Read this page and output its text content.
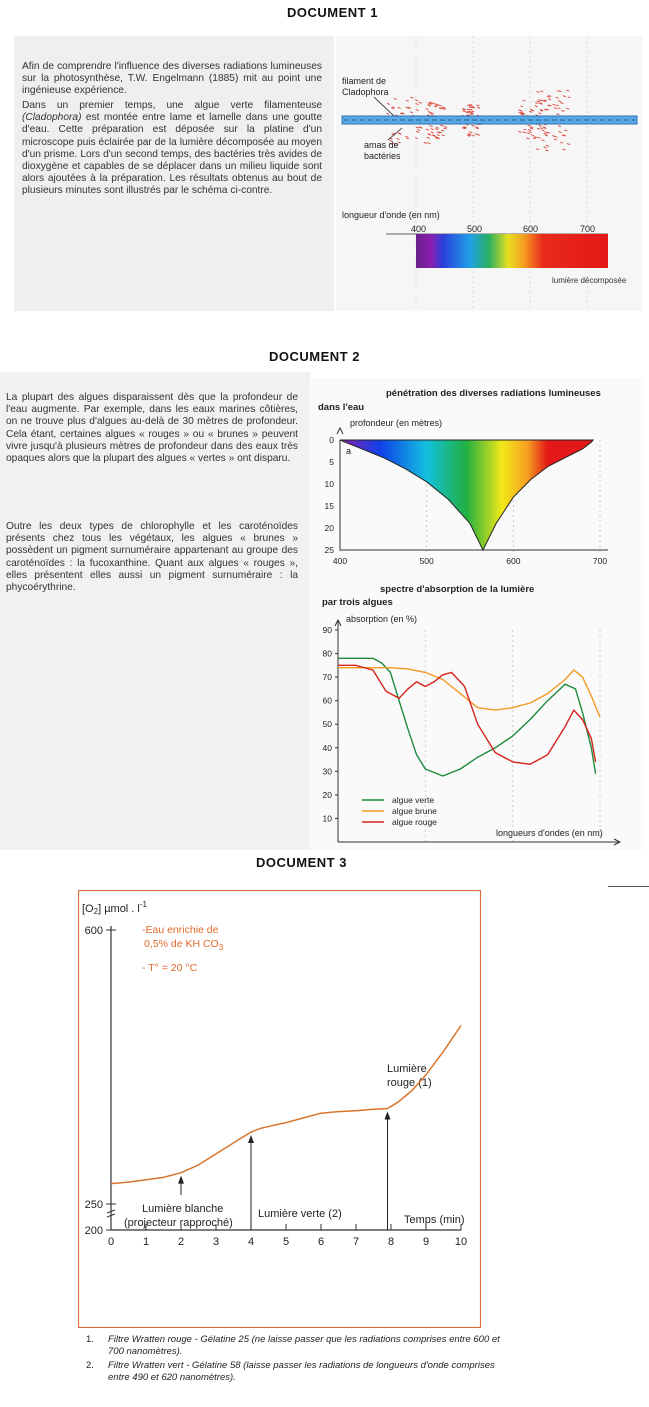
DOCUMENT 1
Afin de comprendre l'influence des diverses radiations lumineuses sur la photosynthèse, T.W. Engelmann (1885) mit au point une ingénieuse expérience.
Dans un premier temps, une algue verte filamenteuse (Cladophora) est montée entre lame et lamelle dans une goutte d'eau. Cette préparation est déposée sur la platine d'un microscope puis éclairée par de la lumière décomposée au moyen d'un prisme. Lors d'un second temps, des bactéries très avides de dioxygène et capables de se déplacer dans un milieu liquide sont alors ajoutées à la préparation. Les résultats obtenus au bout de plusieurs minutes sont illustrés par le schéma ci-contre.
filament de
Cladophora
amas de
bactéries
longueur d'onde (en nm)
400	500	600	700
lumière décomposée
DOCUMENT 2
La plupart des algues disparaissent dès que la profondeur de l'eau augmente. Par exemple, dans les eaux marines côtières, on ne trouve plus d'algues au-delà de 30 mètres de profondeur. Cela étant, certaines algues « rouges » ou « brunes » peuvent vivre jusqu'à plusieurs mètres de profondeur dans des eaux très opaques alors que la plupart des algues « vertes » ont disparu.
Outre les deux types de chlorophylle et les caroténoïdes présents chez tous les végétaux, les algues « brunes » possèdent un pigment surnuméraire appartenant au groupe des caroténoïdes : la fucoxanthine. Quant aux algues « rouges », elles présentent elles aussi un pigment surnuméraire : la phycoérythrine.
pénétration des diverses radiations lumineuses
dans l'eau
profondeur (en mètres)
a
0
5
10
15
20
25
400	500	600	700
spectre d'absorption de la lumière
par trois algues
absorption (en %)
longueurs d'ondes (en nm)
10
20
30
40
50
60
70
80
90
algue verte
algue brune
algue rouge
DOCUMENT 3
[O2] µmol . $l^{-1}$
-Eau enrichie de
0,5% de KH $CO_3$
- T° = 20 °C
Lumière blanche
(projecteur rapproché)
Lumière verte (2)
Lumière
rouge (1)
200
250
600
0	1	2	3	4	5	6	7	8	9 10
Temps (min)
1.	Filtre Wratten rouge - Gélatine 25 (ne laisse passer que les radiations comprises entre 600 et 700 nanomètres).
2.	Filtre Wratten vert - Gélatine 58 (laisse passer les radiations de longueurs d'onde comprises entre 490 et 620 nanomètres).
